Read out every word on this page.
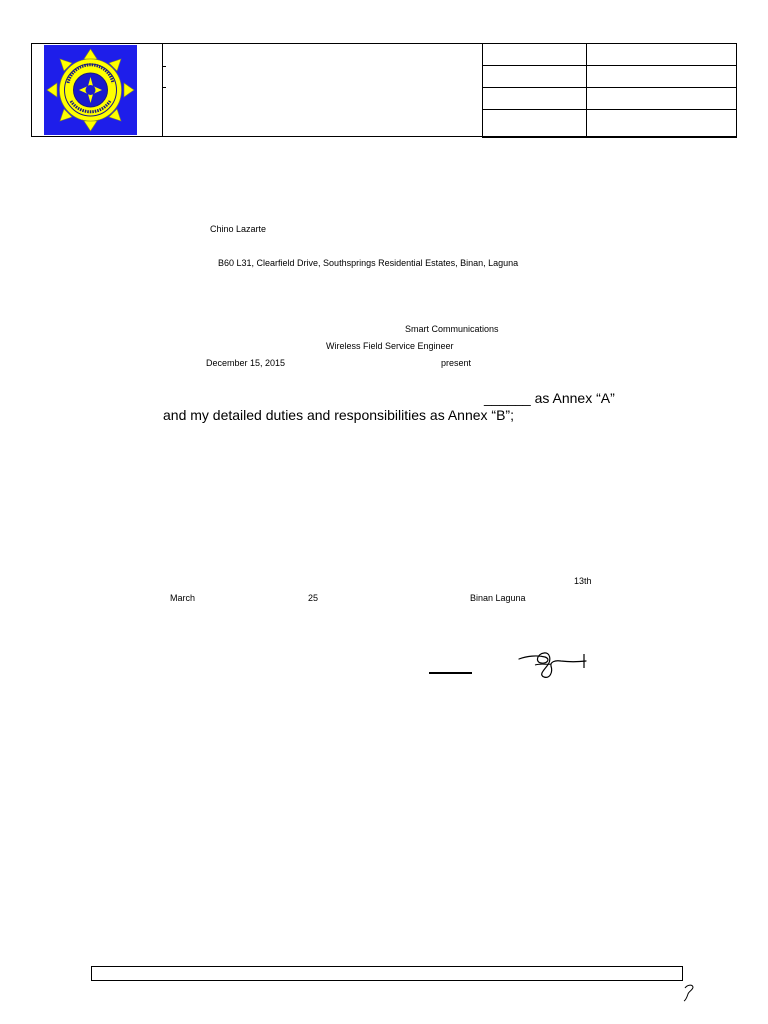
Chino Lazarte
B60 L31, Clearfield Drive, Southsprings Residential Estates, Binan, Laguna
Smart Communications
Wireless Field Service Engineer
December 15, 2015	present
______ as Annex “A”
and my detailed duties and responsibilities as Annex “B”;
13th
March	25	Binan Laguna
